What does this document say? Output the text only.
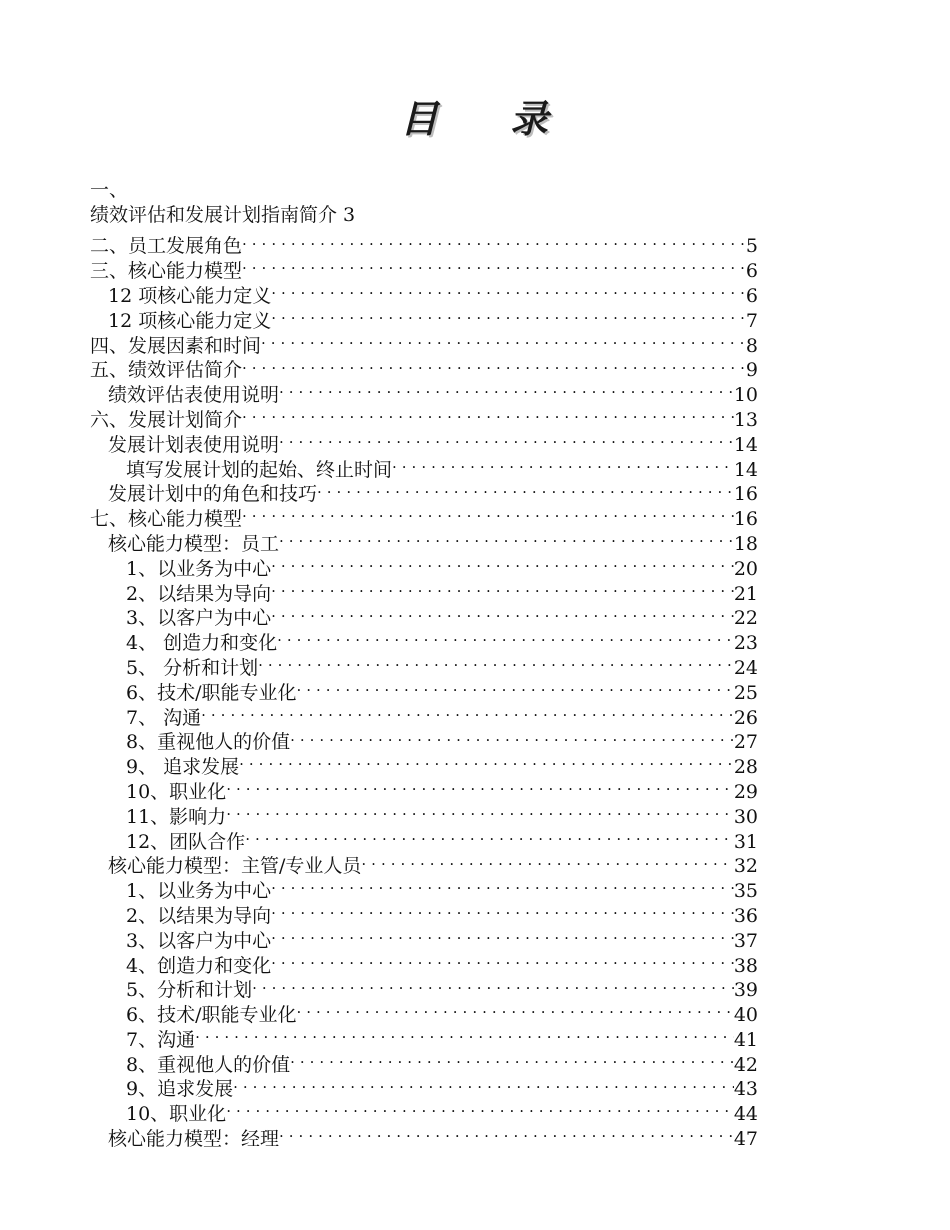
目 录
一、
绩效评估和发展计划指南简介 3
二、员工发展角色 .....	5
三、核心能力模型 .....	6
12 项核心能力定义 .....	6
12 项核心能力定义 .....	7
四、发展因素和时间 .....	8
五、绩效评估简介 .....	9
绩效评估表使用说明 .....	10
六、发展计划简介 .....	13
发展计划表使用说明 .....	14
填写发展计划的起始、终止时间 .....	14
发展计划中的角色和技巧 .....	16
七、核心能力模型 .....	16
核心能力模型：员工 .....	18
1、以业务为中心 .....	20
2、以结果为导向 .....	21
3、以客户为中心 .....	22
4、 创造力和变化 .....	23
5、 分析和计划 .....	24
6、技术/职能专业化 .....	25
7、 沟通 .....	26
8、重视他人的价值 .....	27
9、 追求发展 .....	28
10、职业化 .....	29
11、影响力 .....	30
12、团队合作 .....	31
核心能力模型：主管/专业人员 .....	32
1、以业务为中心 .....	35
2、以结果为导向 .....	36
3、以客户为中心 .....	37
4、创造力和变化 .....	38
5、分析和计划 .....	39
6、技术/职能专业化 .....	40
7、沟通 .....	41
8、重视他人的价值 .....	42
9、追求发展 .....	43
10、职业化 .....	44
核心能力模型：经理 .....	47
